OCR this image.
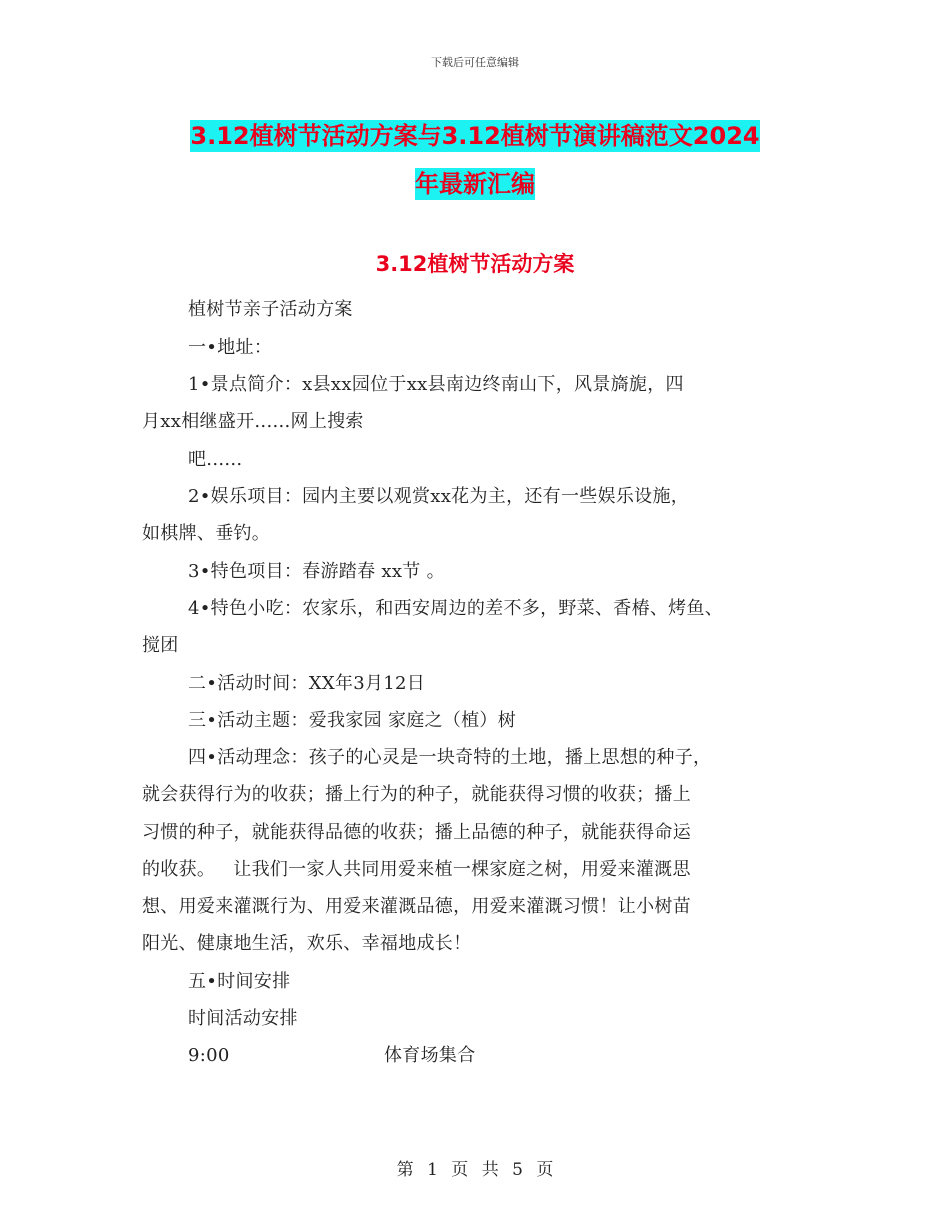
下载后可任意编辑
3.12植树节活动方案与3.12植树节演讲稿范文2024
年最新汇编
3.12植树节活动方案
植树节亲子活动方案
一•地址：
1•景点简介：x县xx园位于xx县南边终南山下，风景旖旎，四
月xx相继盛开......网上搜索
吧......
2•娱乐项目：园内主要以观赏xx花为主，还有一些娱乐设施，
如棋牌、垂钓。
3•特色项目：春游踏春 xx节 。
4•特色小吃：农家乐，和西安周边的差不多，野菜、香椿、烤鱼、
搅团
二•活动时间：XX年3月12日
三•活动主题：爱我家园 家庭之（植）树
四•活动理念：孩子的心灵是一块奇特的土地，播上思想的种子，
就会获得行为的收获；播上行为的种子，就能获得习惯的收获；播上
习惯的种子，就能获得品德的收获；播上品德的种子，就能获得命运
的收获。   让我们一家人共同用爱来植一棵家庭之树，用爱来灌溉思
想、用爱来灌溉行为、用爱来灌溉品德，用爱来灌溉习惯！让小树苗
阳光、健康地生活，欢乐、幸福地成长！
五•时间安排
时间活动安排
9:00	体育场集合
第 1 页 共 5 页
